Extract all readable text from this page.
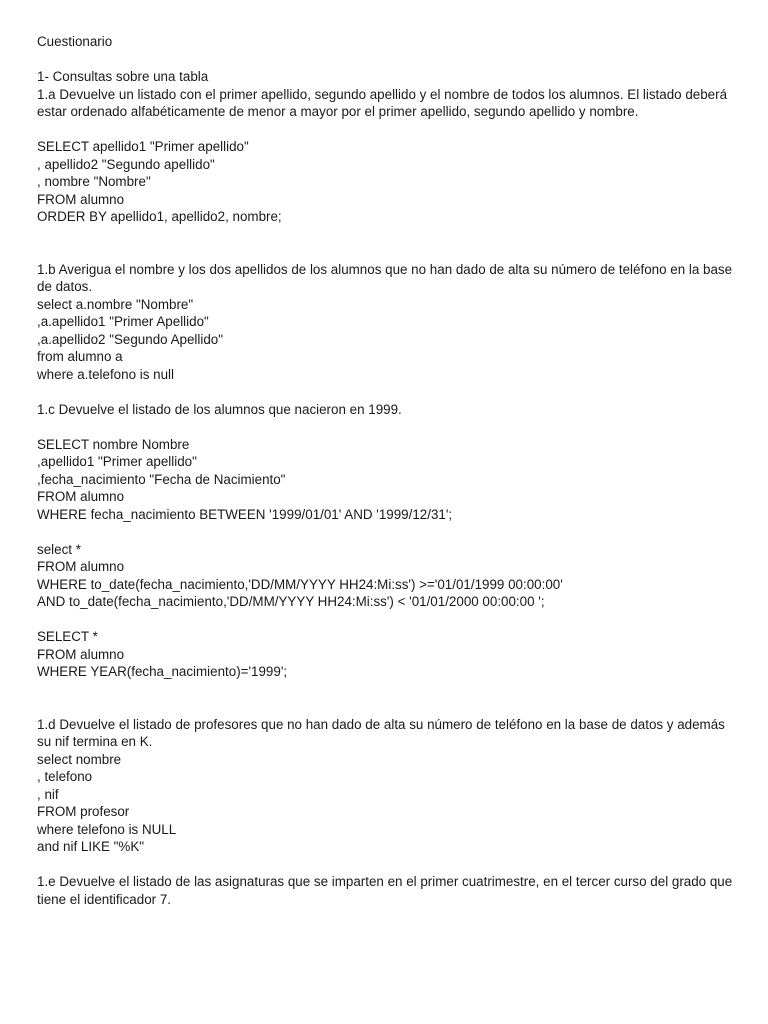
Cuestionario
1- Consultas sobre una tabla
1.a Devuelve un listado con el primer apellido, segundo apellido y el nombre de todos los alumnos. El listado deberá estar ordenado alfabéticamente de menor a mayor por el primer apellido, segundo apellido y nombre.
SELECT apellido1 "Primer apellido"
, apellido2 "Segundo apellido"
, nombre "Nombre"
FROM alumno
ORDER BY apellido1, apellido2, nombre;
1.b Averigua el nombre y los dos apellidos de los alumnos que no han dado de alta su número de teléfono en la base de datos.
select a.nombre "Nombre"
,a.apellido1 "Primer Apellido"
,a.apellido2 "Segundo Apellido"
from alumno a
where a.telefono is null
1.c Devuelve el listado de los alumnos que nacieron en 1999.
SELECT nombre Nombre
,apellido1 "Primer apellido"
,fecha_nacimiento "Fecha de Nacimiento"
FROM alumno
WHERE fecha_nacimiento BETWEEN '1999/01/01' AND '1999/12/31';
select *
FROM alumno
WHERE to_date(fecha_nacimiento,'DD/MM/YYYY HH24:Mi:ss') >='01/01/1999 00:00:00'
AND to_date(fecha_nacimiento,'DD/MM/YYYY HH24:Mi:ss') < '01/01/2000 00:00:00 ';
SELECT *
FROM alumno
WHERE YEAR(fecha_nacimiento)='1999';
1.d Devuelve el listado de profesores que no han dado de alta su número de teléfono en la base de datos y además su nif termina en K.
select nombre
, telefono
, nif
FROM profesor
where telefono is NULL
and nif LIKE "%K"
1.e Devuelve el listado de las asignaturas que se imparten en el primer cuatrimestre, en el tercer curso del grado que tiene el identificador 7.
